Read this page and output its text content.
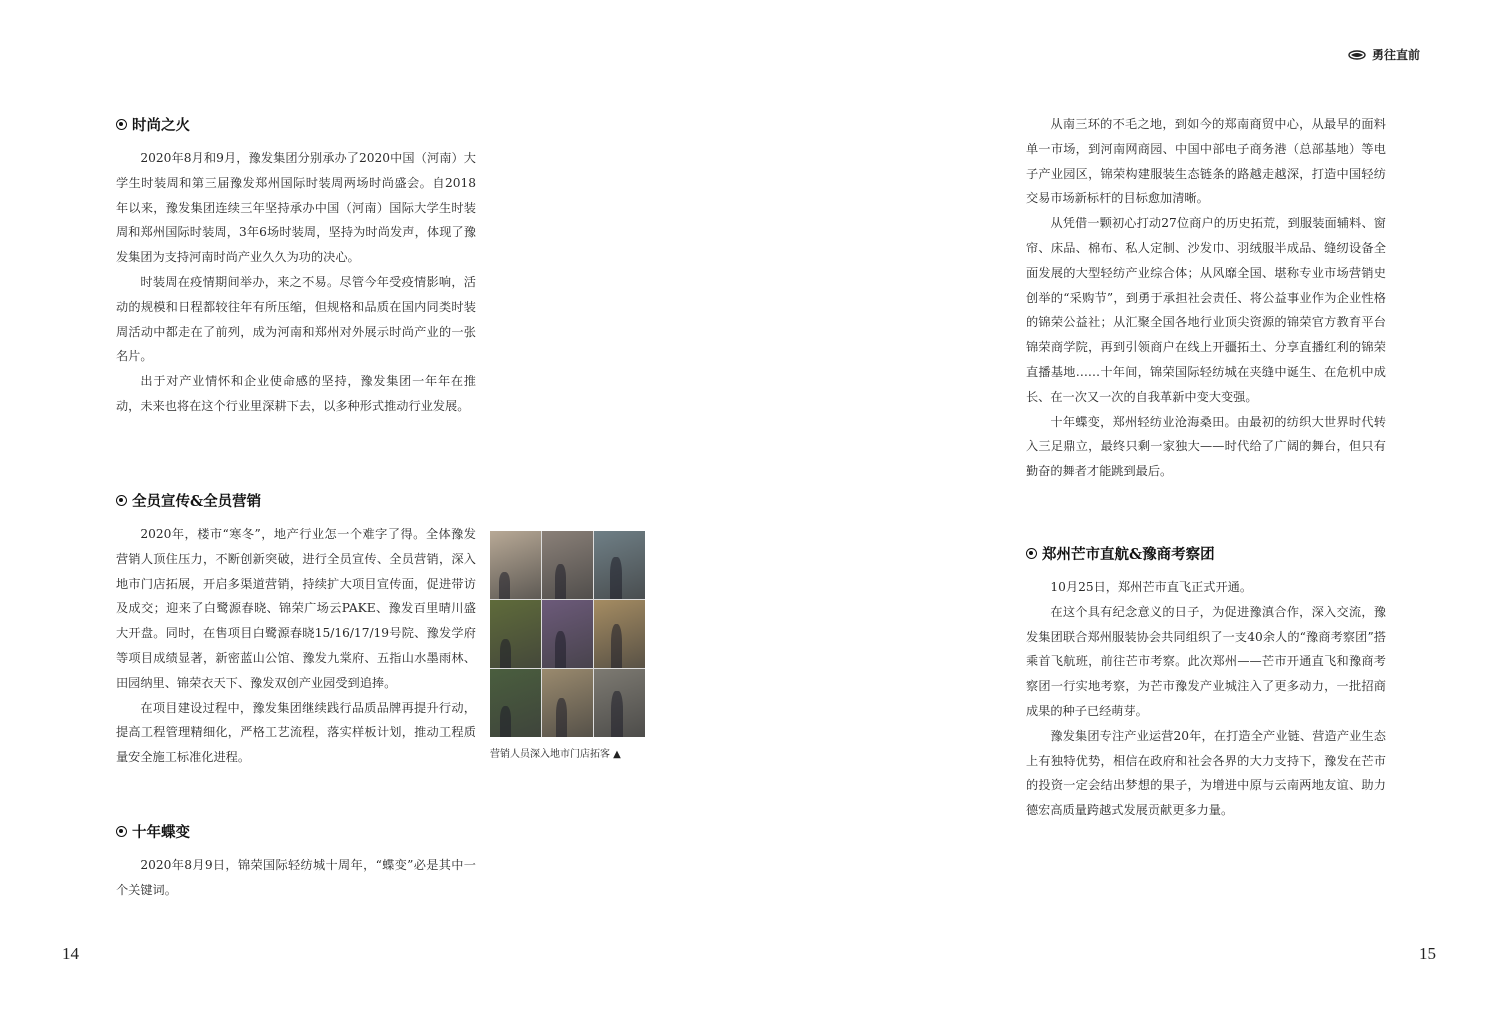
勇往直前
时尚之火

2020年8月和9月，豫发集团分别承办了2020中国（河南）大学生时装周和第三届豫发郑州国际时装周两场时尚盛会。自2018年以来，豫发集团连续三年坚持承办中国（河南）国际大学生时装周和郑州国际时装周，3年6场时装周，坚持为时尚发声，体现了豫发集团为支持河南时尚产业久久为功的决心。

时装周在疫情期间举办，来之不易。尽管今年受疫情影响，活动的规模和日程都较往年有所压缩，但规格和品质在国内同类时装周活动中都走在了前列，成为河南和郑州对外展示时尚产业的一张名片。

出于对产业情怀和企业使命感的坚持，豫发集团一年年在推动，未来也将在这个行业里深耕下去，以多种形式推动行业发展。

全员宣传&全员营销

2020年，楼市“寒冬”，地产行业怎一个难字了得。全体豫发营销人顶住压力，不断创新突破，进行全员宣传、全员营销，深入地市门店拓展，开启多渠道营销，持续扩大项目宣传面，促进带访及成交；迎来了白鹭源春晓、锦荣广场云PAKE、豫发百里晴川盛大开盘。同时，在售项目白鹭源春晓15/16/17/19号院、豫发学府等项目成绩显著，新密蓝山公馆、豫发九棠府、五指山水墨雨林、田园纳里、锦荣衣天下、豫发双创产业园受到追捧。

在项目建设过程中，豫发集团继续践行品质品牌再提升行动，提高工程管理精细化，严格工艺流程，落实样板计划，推动工程质量安全施工标准化进程。	营销人员深入地市门店拓客 ▲
十年蝶变

2020年8月9日，锦荣国际轻纺城十周年，“蝶变”必是其中一个关键词。

从南三环的不毛之地，到如今的郑南商贸中心，从最早的面料单一市场，到河南网商园、中国中部电子商务港（总部基地）等电子产业园区，锦荣构建服装生态链条的路越走越深，打造中国轻纺交易市场新标杆的目标愈加清晰。

从凭借一颗初心打动27位商户的历史拓荒，到服装面辅料、窗帘、床品、棉布、私人定制、沙发巾、羽绒服半成品、缝纫设备全面发展的大型轻纺产业综合体；从风靡全国、堪称专业市场营销史创举的“采购节”，到勇于承担社会责任、将公益事业作为企业性格的锦荣公益社；从汇聚全国各地行业顶尖资源的锦荣官方教育平台锦荣商学院，再到引领商户在线上开疆拓土、分享直播红利的锦荣直播基地……十年间，锦荣国际轻纺城在夹缝中诞生、在危机中成长、在一次又一次的自我革新中变大变强。

十年蝶变，郑州轻纺业沧海桑田。由最初的纺织大世界时代转入三足鼎立，最终只剩一家独大——时代给了广阔的舞台，但只有勤奋的舞者才能跳到最后。

郑州芒市直航&豫商考察团

10月25日，郑州芒市直飞正式开通。

在这个具有纪念意义的日子，为促进豫滇合作，深入交流，豫发集团联合郑州服装协会共同组织了一支40余人的“豫商考察团”搭乘首飞航班，前往芒市考察。此次郑州——芒市开通直飞和豫商考察团一行实地考察，为芒市豫发产业城注入了更多动力，一批招商成果的种子已经萌芽。

豫发集团专注产业运营20年，在打造全产业链、营造产业生态上有独特优势，相信在政府和社会各界的大力支持下，豫发在芒市的投资一定会结出梦想的果子，为增进中原与云南两地友谊、助力德宏高质量跨越式发展贡献更多力量。

14	15
